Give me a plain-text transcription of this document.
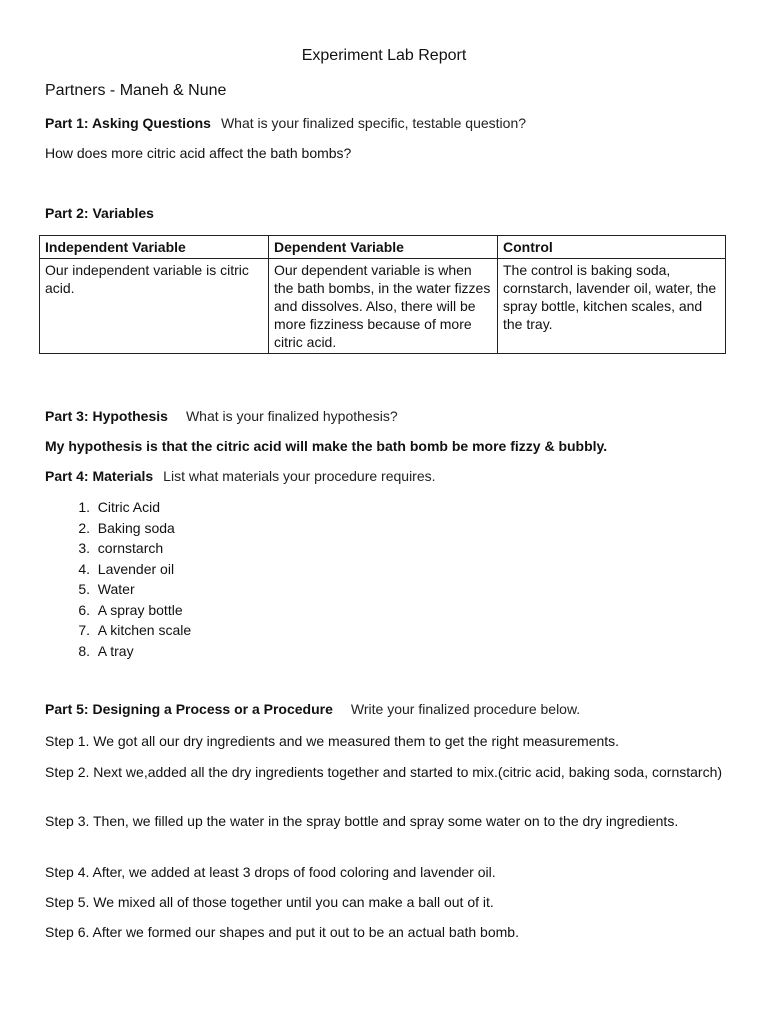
Experiment Lab Report
Partners - Maneh & Nune
Part 1: Asking Questions What is your finalized specific, testable question?
How does more citric acid affect the bath bombs?
Part 2: Variables
Independent Variable	Dependent Variable	Control
Our independent variable is citric acid.	Our dependent variable is when the bath bombs, in the water fizzes and dissolves. Also, there will be more fizziness because of more citric acid.	The control is baking soda, cornstarch, lavender oil, water, the spray bottle, kitchen scales, and the tray.
Part 3: Hypothesis What is your finalized hypothesis?
My hypothesis is that the citric acid will make the bath bomb be more fizzy & bubbly.
Part 4: Materials List what materials your procedure requires.
1. Citric Acid
2. Baking soda
3. cornstarch
4. Lavender oil
5. Water
6. A spray bottle
7. A kitchen scale
8. A tray
Part 5: Designing a Process or a Procedure Write your finalized procedure below.
Step 1. We got all our dry ingredients and we measured them to get the right measurements.
Step 2. Next we,added all the dry ingredients together and started to mix.(citric acid, baking soda, cornstarch)
Step 3. Then, we filled up the water in the spray bottle and spray some water on to the dry ingredients.
Step 4. After, we added at least 3 drops of food coloring and lavender oil.
Step 5. We mixed all of those together until you can make a ball out of it.
Step 6. After we formed our shapes and put it out to be an actual bath bomb.
